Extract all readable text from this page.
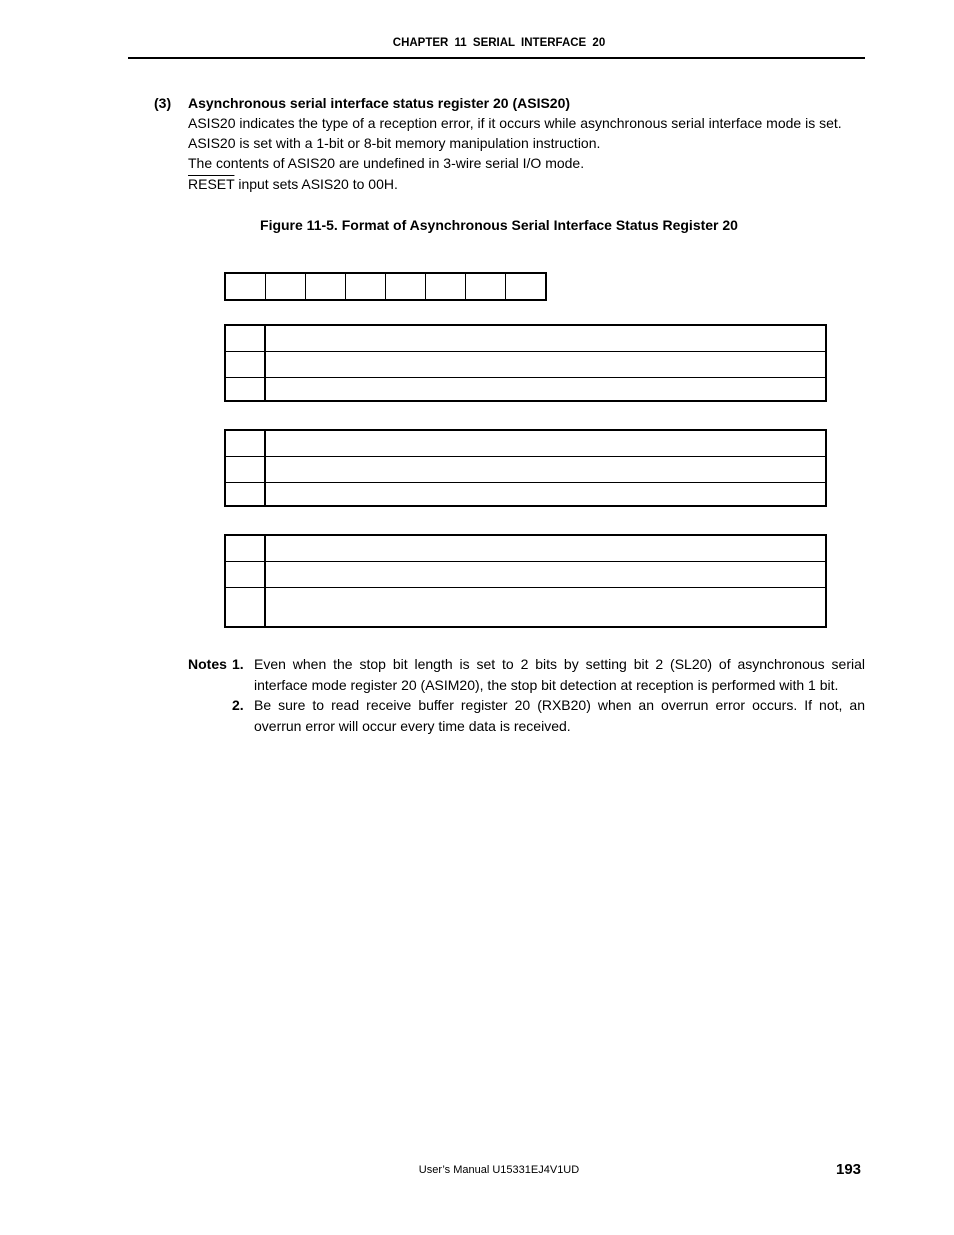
CHAPTER 11 SERIAL INTERFACE 20
(3) Asynchronous serial interface status register 20 (ASIS20)
ASIS20 indicates the type of a reception error, if it occurs while asynchronous serial interface mode is set.
ASIS20 is set with a 1-bit or 8-bit memory manipulation instruction.
The contents of ASIS20 are undefined in 3-wire serial I/O mode.
RESET input sets ASIS20 to 00H.
Figure 11-5. Format of Asynchronous Serial Interface Status Register 20

Notes 1. Even when the stop bit length is set to 2 bits by setting bit 2 (SL20) of asynchronous serial
interface mode register 20 (ASIM20), the stop bit detection at reception is performed with 1 bit.
2. Be sure to read receive buffer register 20 (RXB20) when an overrun error occurs. If not, an
overrun error will occur every time data is received.
User’s Manual U15331EJ4V1UD	193
